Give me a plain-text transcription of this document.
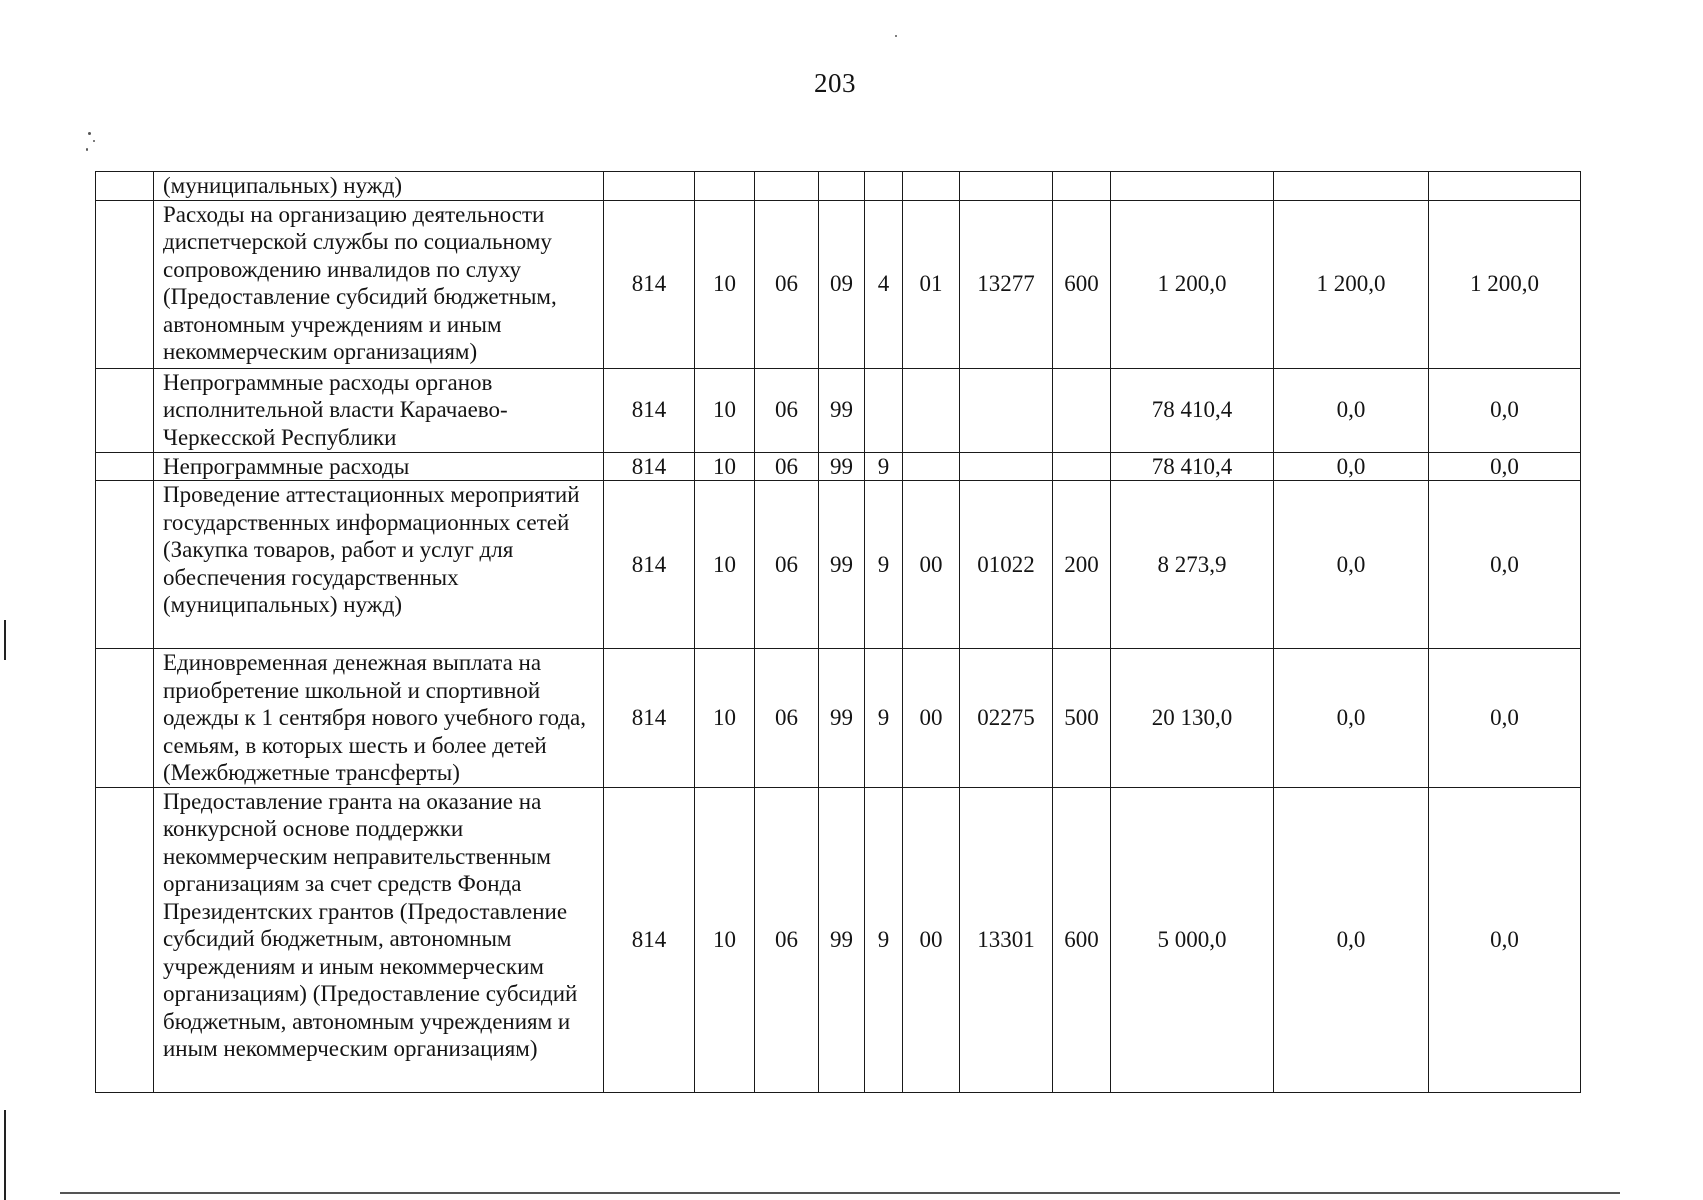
203
	(муниципальных) нужд)											
	Расходы на организацию деятельности диспетчерской службы по социальному сопровождению инвалидов по слуху (Предоставление субсидий бюджетным, автономным учреждениям и иным некоммерческим организациям)	814	10	06	09	4	01	13277	600	1 200,0	1 200,0	1 200,0
	Непрограммные расходы органов исполнительной власти Карачаево-Черкесской Республики	814	10	06	99					78 410,4	0,0	0,0
	Непрограммные расходы	814	10	06	99	9				78 410,4	0,0	0,0
	Проведение аттестационных мероприятий государственных информационных сетей (Закупка товаров, работ и услуг для обеспечения государственных (муниципальных) нужд)	814	10	06	99	9	00	01022	200	8 273,9	0,0	0,0
	Единовременная денежная выплата на приобретение школьной и спортивной одежды к 1 сентября нового учебного года, семьям, в которых шесть и более детей (Межбюджетные трансферты)	814	10	06	99	9	00	02275	500	20 130,0	0,0	0,0
	Предоставление гранта на оказание на конкурсной основе поддержки некоммерческим неправительственным организациям за счет средств Фонда Президентских грантов (Предоставление субсидий бюджетным, автономным учреждениям и иным некоммерческим организациям) (Предоставление субсидий бюджетным, автономным учреждениям и иным некоммерческим организациям)	814	10	06	99	9	00	13301	600	5 000,0	0,0	0,0
